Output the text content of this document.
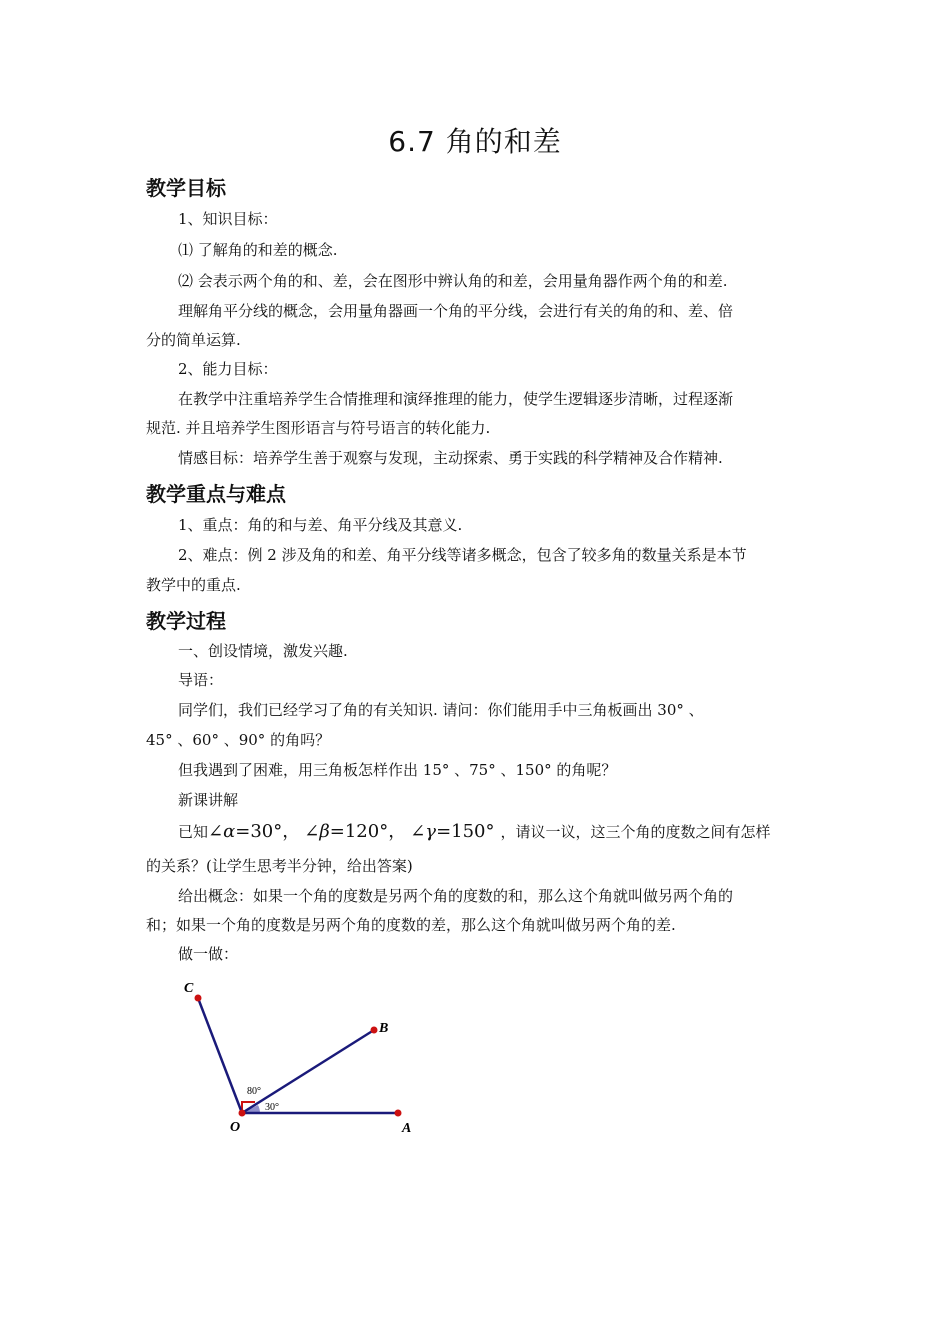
6.7 角的和差
教学目标
1、知识目标：
⑴ 了解角的和差的概念.
⑵ 会表示两个角的和、差，会在图形中辨认角的和差，会用量角器作两个角的和差.
理解角平分线的概念，会用量角器画一个角的平分线，会进行有关的角的和、差、倍
分的简单运算.
2、能力目标：
在教学中注重培养学生合情推理和演绎推理的能力，使学生逻辑逐步清晰，过程逐渐
规范. 并且培养学生图形语言与符号语言的转化能力.
情感目标：培养学生善于观察与发现，主动探索、勇于实践的科学精神及合作精神.
教学重点与难点
1、重点：角的和与差、角平分线及其意义.
2、难点：例 2 涉及角的和差、角平分线等诸多概念，包含了较多角的数量关系是本节
教学中的重点.
教学过程
一、创设情境，激发兴趣.
导语：
同学们，我们已经学习了角的有关知识. 请问：你们能用手中三角板画出 30° 、
45° 、60° 、90° 的角吗？
但我遇到了困难，用三角板怎样作出 15° 、75° 、150° 的角呢？
新课讲解
已知 ∠α =30°， ∠β =120°， ∠γ =150° ，请议一议，这三个角的度数之间有怎样
的关系？(让学生思考半分钟，给出答案)
给出概念：如果一个角的度数是另两个角的度数的和，那么这个角就叫做另两个角的
和；如果一个角的度数是另两个角的度数的差，那么这个角就叫做另两个角的差.
做一做：
C
B
O	A
80°
30°
